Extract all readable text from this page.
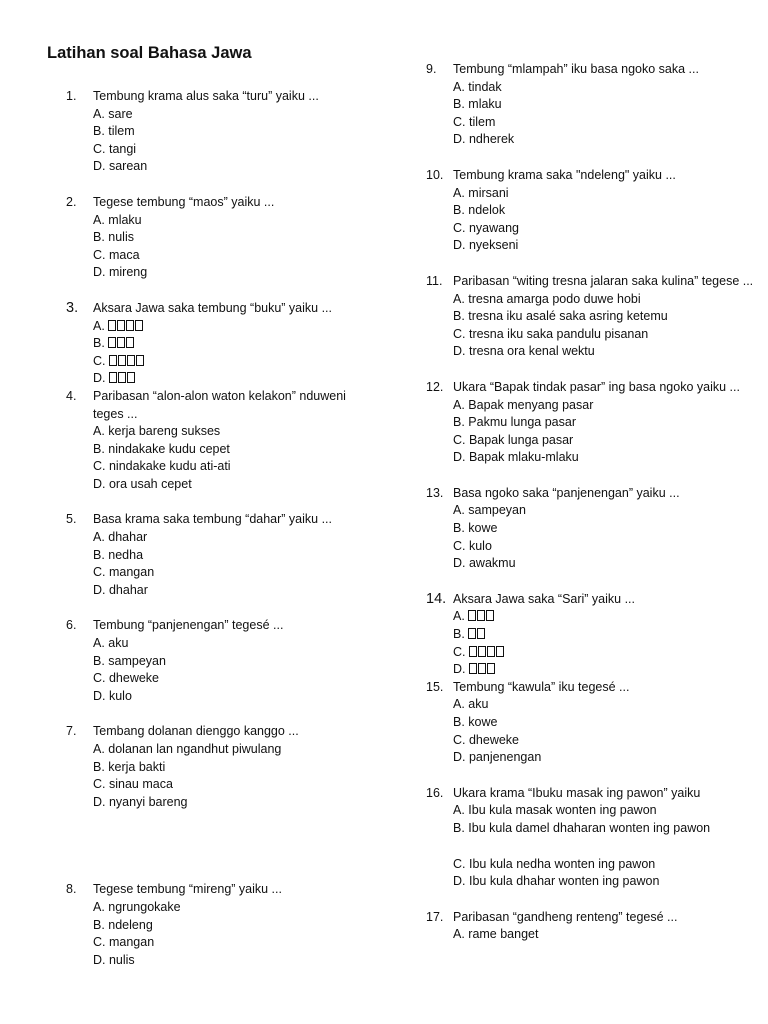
Latihan soal Bahasa Jawa
1.	Tembung krama alus saka “turu” yaiku ...
A. sare
B. tilem
C. tangi
D. sarean
2.	Tegese tembung “maos” yaiku ...
A. mlaku
B. nulis
C. maca
D. mireng
3.	Aksara Jawa saka tembung “buku” yaiku ...
A.
B.
C.
D.
4.	Paribasan “alon-alon waton kelakon” nduweni teges ...
A. kerja bareng sukses
B. nindakake kudu cepet
C. nindakake kudu ati-ati
D. ora usah cepet
5.	Basa krama saka tembung “dahar” yaiku ...
A. dhahar
B. nedha
C. mangan
D. dhahar
6.	Tembung “panjenengan” tegesé ...
A. aku
B. sampeyan
C. dheweke
D. kulo
7.	Tembang dolanan dienggo kanggo ...
A. dolanan lan ngandhut piwulang
B. kerja bakti
C. sinau maca
D. nyanyi bareng
8.	Tegese tembung “mireng” yaiku ...
A. ngrungokake
B. ndeleng
C. mangan
D. nulis
9.	Tembung “mlampah” iku basa ngoko saka ...
A. tindak
B. mlaku
C. tilem
D. ndherek
10. Tembung krama saka "ndeleng" yaiku ...
A. mirsani
B. ndelok
C. nyawang
D. nyekseni
11. Paribasan “witing tresna jalaran saka kulina” tegese ...
A. tresna amarga podo duwe hobi
B. tresna iku asalé saka asring ketemu
C. tresna iku saka pandulu pisanan
D. tresna ora kenal wektu
12. Ukara “Bapak tindak pasar” ing basa ngoko yaiku ...
A. Bapak menyang pasar
B. Pakmu lunga pasar
C. Bapak lunga pasar
D. Bapak mlaku-mlaku
13. Basa ngoko saka “panjenengan” yaiku ...
A. sampeyan
B. kowe
C. kulo
D. awakmu
14. Aksara Jawa saka “Sari” yaiku ...
A.
B.
C.
D.
15. Tembung “kawula” iku tegesé ...
A. aku
B. kowe
C. dheweke
D. panjenengan
16. Ukara krama “Ibuku masak ing pawon” yaiku
A. Ibu kula masak wonten ing pawon
B. Ibu kula damel dhaharan wonten ing pawon
C. Ibu kula nedha wonten ing pawon
D. Ibu kula dhahar wonten ing pawon
17. Paribasan “gandheng renteng” tegesé ...
A. rame banget
